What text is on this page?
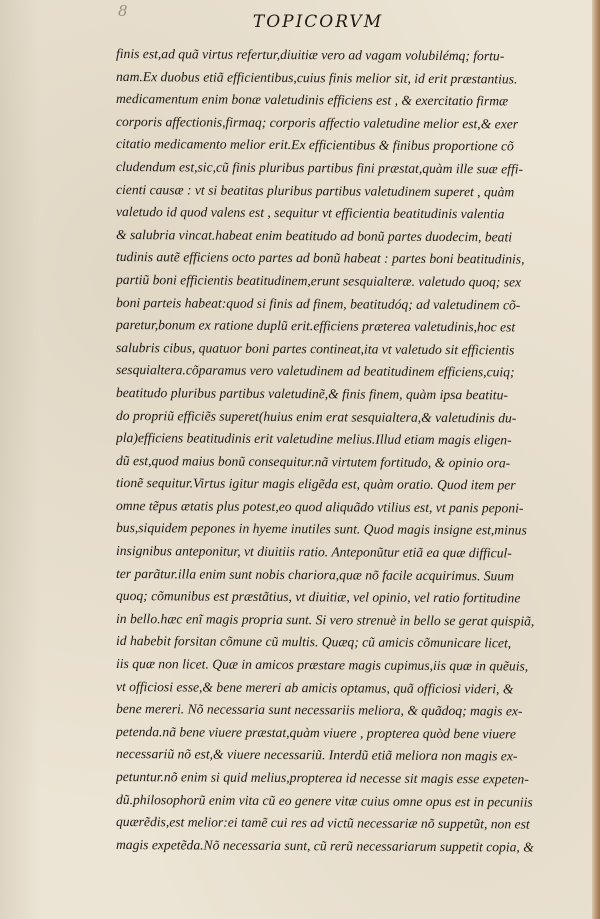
8
TOPICORVM
finis est,ad quã virtus refertur,diuitiæ vero ad vagam volubilémq; fortu-
nam.Ex duobus etiã efficientibus,cuius finis melior sit, id erit præstantius.
medicamentum enim bonæ valetudinis efficiens est , & exercitatio firmæ
corporis affectionis,firmaq; corporis affectio valetudine melior est,& exer
citatio medicamento melior erit.Ex efficientibus & finibus proportione cõ
cludendum est,sic,cũ finis pluribus partibus fini præstat,quàm ille suæ effi-
cienti causæ : vt si beatitas pluribus partibus valetudinem superet , quàm
valetudo id quod valens est , sequitur vt efficientia beatitudinis valentia
& salubria vincat.habeat enim beatitudo ad bonũ partes duodecim, beati
tudinis autẽ efficiens octo partes ad bonũ habeat : partes boni beatitudinis,
partiũ boni efficientis beatitudinem,erunt sesquialteræ. valetudo quoq; sex
boni parteis habeat:quod si finis ad finem, beatitudóq; ad valetudinem cõ-
paretur,bonum ex ratione duplũ erit.efficiens præterea valetudinis,hoc est
salubris cibus, quatuor boni partes contineat,ita vt valetudo sit efficientis
sesquialtera.cõparamus vero valetudinem ad beatitudinem efficiens,cuiq;
beatitudo pluribus partibus valetudinẽ,& finis finem, quàm ipsa beatitu-
do propriũ efficiẽs superet(huius enim erat sesquialtera,& valetudinis du-
pla)efficiens beatitudinis erit valetudine melius.Illud etiam magis eligen-
dũ est,quod maius bonũ consequitur.nã virtutem fortitudo, & opinio ora-
tionẽ sequitur.Virtus igitur magis eligẽda est, quàm oratio. Quod item per
omne tẽpus ætatis plus potest,eo quod aliquãdo vtilius est, vt panis peponi-
bus,siquidem pepones in hyeme inutiles sunt. Quod magis insigne est,minus
insignibus anteponitur, vt diuitiis ratio. Anteponũtur etiã ea quæ difficul-
ter parãtur.illa enim sunt nobis chariora,quæ nõ facile acquirimus. Suum
quoq; cõmunibus est præstãtius, vt diuitiæ, vel opinio, vel ratio fortitudine
in bello.hæc enĩ magis propria sunt. Si vero strenuè in bello se gerat quispiã,
id habebit forsitan cõmune cũ multis. Quæq; cũ amicis cõmunicare licet,
iis quæ non licet. Quæ in amicos præstare magis cupimus,iis quæ in quẽuis,
vt officiosi esse,& bene mereri ab amicis optamus, quã officiosi videri, &
bene mereri. Nõ necessaria sunt necessariis meliora, & quãdoq; magis ex-
petenda.nã bene viuere præstat,quàm viuere , propterea quòd bene viuere
necessariũ nõ est,& viuere necessariũ. Interdũ etiã meliora non magis ex-
petuntur.nõ enim si quid melius,propterea id necesse sit magis esse expeten-
dũ.philosophorũ enim vita cũ eo genere vitæ cuius omne opus est in pecuniis
quærẽdis,est melior:ei tamẽ cui res ad victũ necessariæ nõ suppetũt, non est
magis expetẽda.Nõ necessaria sunt, cũ rerũ necessariarum suppetit copia, &
